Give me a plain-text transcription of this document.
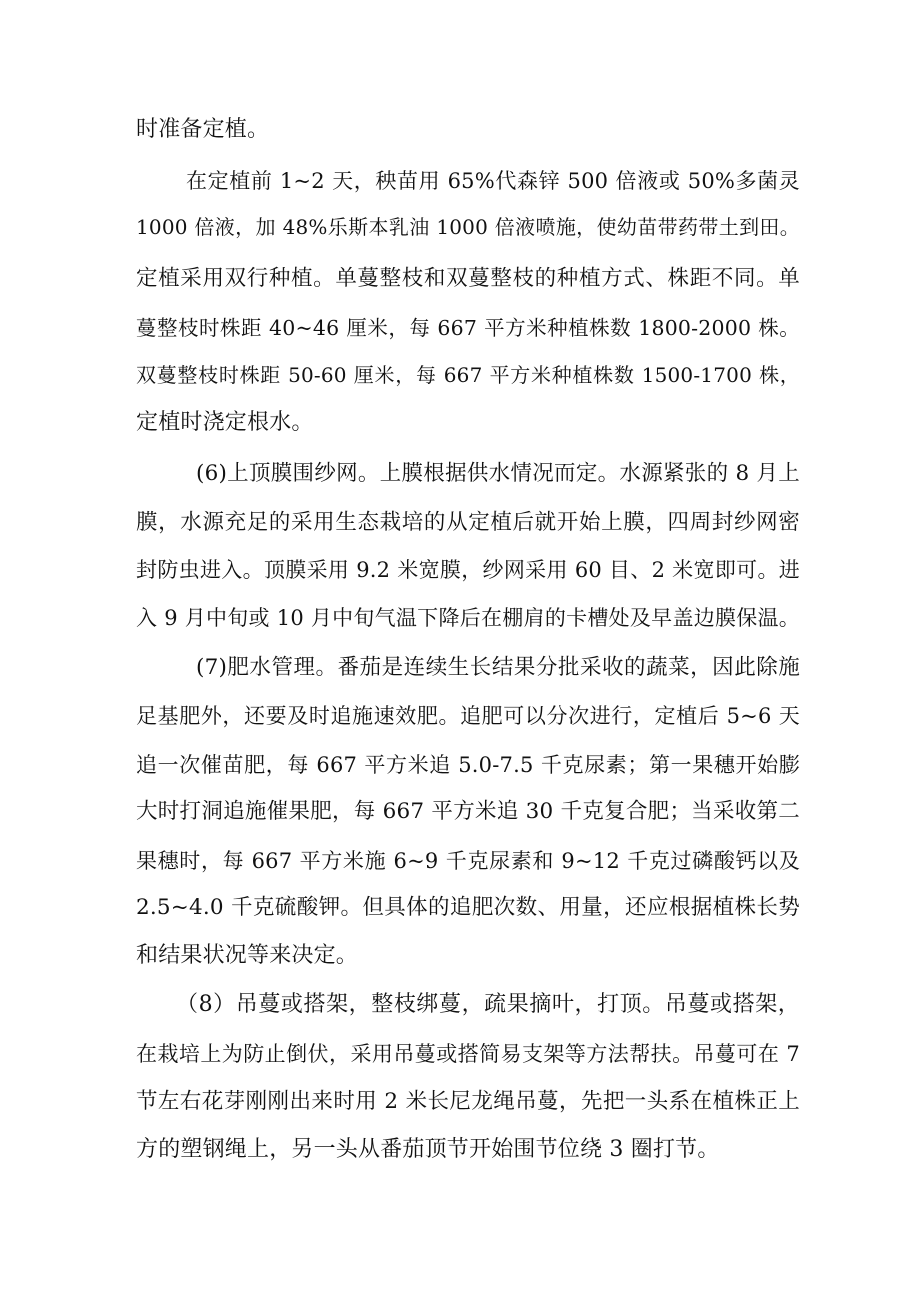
时准备定植。
在定植前 1~2 天，秧苗用 65%代森锌 500 倍液或 50%多菌灵
1000 倍液，加 48%乐斯本乳油 1000 倍液喷施，使幼苗带药带土到田。
定植采用双行种植。单蔓整枝和双蔓整枝的种植方式、株距不同。单
蔓整枝时株距 40~46 厘米，每 667 平方米种植株数 1800-2000 株。
双蔓整枝时株距 50-60 厘米，每 667 平方米种植株数 1500-1700 株，
定植时浇定根水。
(6)上顶膜围纱网。上膜根据供水情况而定。水源紧张的 8 月上
膜，水源充足的采用生态栽培的从定植后就开始上膜，四周封纱网密
封防虫进入。顶膜采用 9.2 米宽膜，纱网采用 60 目、2 米宽即可。进
入 9 月中旬或 10 月中旬气温下降后在棚肩的卡槽处及早盖边膜保温。
(7)肥水管理。番茄是连续生长结果分批采收的蔬菜，因此除施
足基肥外，还要及时追施速效肥。追肥可以分次进行，定植后 5~6 天
追一次催苗肥，每 667 平方米追 5.0-7.5 千克尿素；第一果穗开始膨
大时打洞追施催果肥，每 667 平方米追 30 千克复合肥；当采收第二
果穗时，每 667 平方米施 6~9 千克尿素和 9~12 千克过磷酸钙以及
2.5~4.0 千克硫酸钾。但具体的追肥次数、用量，还应根据植株长势
和结果状况等来决定。
（8）吊蔓或搭架，整枝绑蔓，疏果摘叶，打顶。吊蔓或搭架，
在栽培上为防止倒伏，采用吊蔓或搭简易支架等方法帮扶。吊蔓可在 7
节左右花芽刚刚出来时用 2 米长尼龙绳吊蔓，先把一头系在植株正上
方的塑钢绳上，另一头从番茄顶节开始围节位绕 3 圈打节。
